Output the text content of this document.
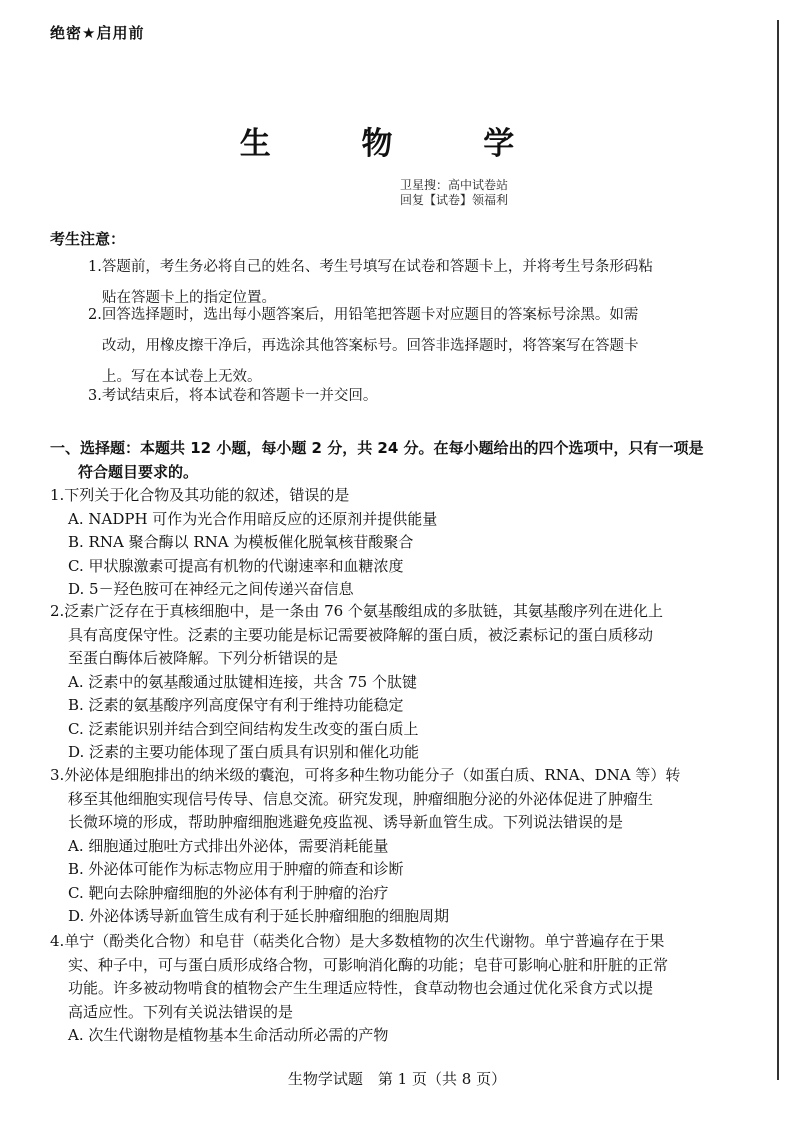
绝密★启用前
生 物 学
卫星搜：高中试卷站
回复【试卷】领福利
考生注意：
1.答题前，考生务必将自己的姓名、考生号填写在试卷和答题卡上，并将考生号条形码粘
贴在答题卡上的指定位置。
2.回答选择题时，选出每小题答案后，用铅笔把答题卡对应题目的答案标号涂黑。如需
改动，用橡皮擦干净后，再选涂其他答案标号。回答非选择题时，将答案写在答题卡
上。写在本试卷上无效。
3.考试结束后，将本试卷和答题卡一并交回。
一、选择题：本题共 12 小题，每小题 2 分，共 24 分。在每小题给出的四个选项中，只有一项是
符合题目要求的。
1.下列关于化合物及其功能的叙述，错误的是
A. NADPH 可作为光合作用暗反应的还原剂并提供能量
B. RNA 聚合酶以 RNA 为模板催化脱氧核苷酸聚合
C. 甲状腺激素可提高有机物的代谢速率和血糖浓度
D. 5－羟色胺可在神经元之间传递兴奋信息
2.泛素广泛存在于真核细胞中，是一条由 76 个氨基酸组成的多肽链，其氨基酸序列在进化上
具有高度保守性。泛素的主要功能是标记需要被降解的蛋白质，被泛素标记的蛋白质移动
至蛋白酶体后被降解。下列分析错误的是
A. 泛素中的氨基酸通过肽键相连接，共含 75 个肽键
B. 泛素的氨基酸序列高度保守有利于维持功能稳定
C. 泛素能识别并结合到空间结构发生改变的蛋白质上
D. 泛素的主要功能体现了蛋白质具有识别和催化功能
3.外泌体是细胞排出的纳米级的囊泡，可将多种生物功能分子（如蛋白质、RNA、DNA 等）转
移至其他细胞实现信号传导、信息交流。研究发现，肿瘤细胞分泌的外泌体促进了肿瘤生
长微环境的形成，帮助肿瘤细胞逃避免疫监视、诱导新血管生成。下列说法错误的是
A. 细胞通过胞吐方式排出外泌体，需要消耗能量
B. 外泌体可能作为标志物应用于肿瘤的筛查和诊断
C. 靶向去除肿瘤细胞的外泌体有利于肿瘤的治疗
D. 外泌体诱导新血管生成有利于延长肿瘤细胞的细胞周期
4.单宁（酚类化合物）和皂苷（萜类化合物）是大多数植物的次生代谢物。单宁普遍存在于果
实、种子中，可与蛋白质形成络合物，可影响消化酶的功能；皂苷可影响心脏和肝脏的正常
功能。许多被动物啃食的植物会产生生理适应特性，食草动物也会通过优化采食方式以提
高适应性。下列有关说法错误的是
A. 次生代谢物是植物基本生命活动所必需的产物
生物学试题　第 1 页（共 8 页）
